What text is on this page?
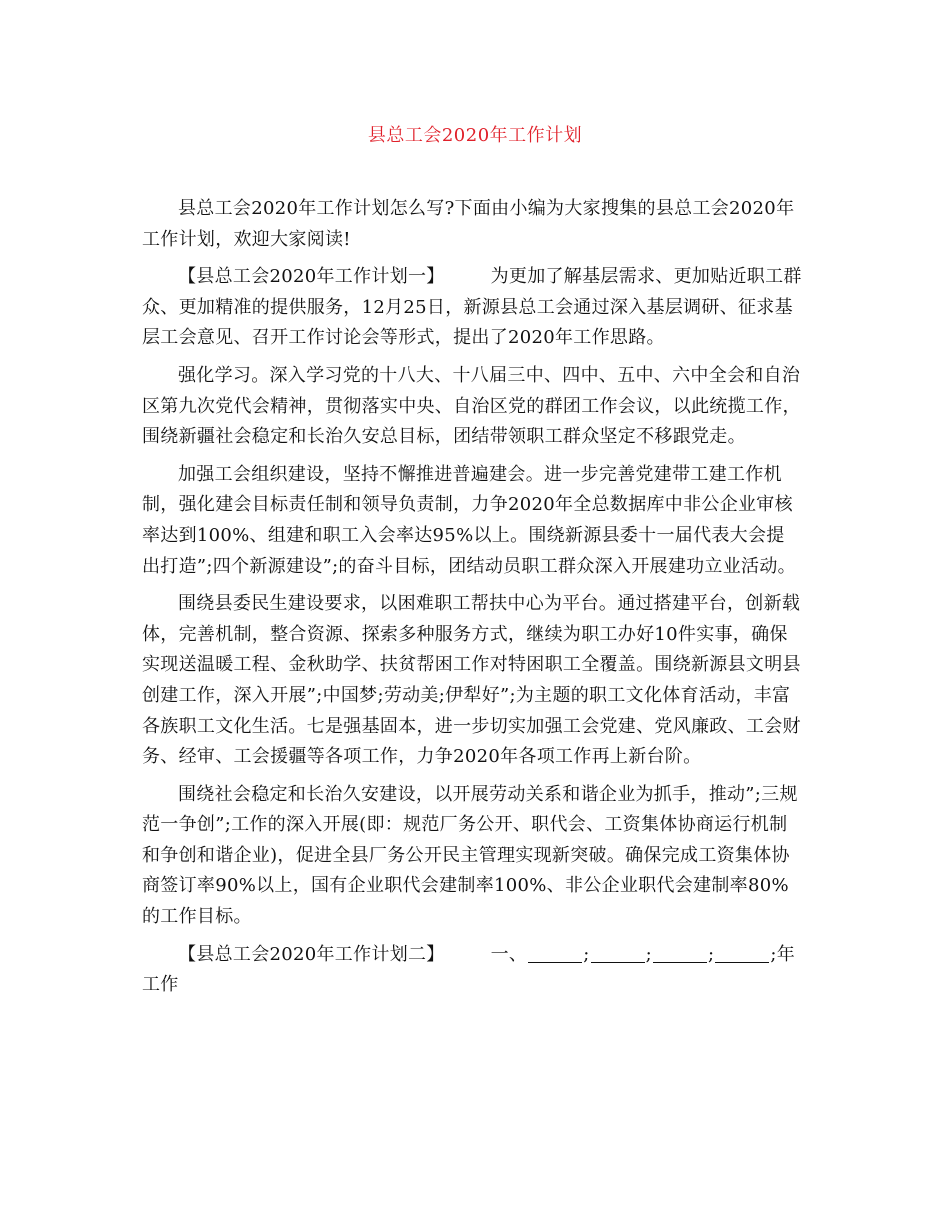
县总工会2020年工作计划

县总工会2020年工作计划怎么写?下面由小编为大家搜集的县总工会2020年工作计划，欢迎大家阅读!

【县总工会2020年工作计划一】	为更加了解基层需求、更加贴近职工群众、更加精准的提供服务，12月25日，新源县总工会通过深入基层调研、征求基层工会意见、召开工作讨论会等形式，提出了2020年工作思路。

强化学习。深入学习党的十八大、十八届三中、四中、五中、六中全会和自治区第九次党代会精神，贯彻落实中央、自治区党的群团工作会议，以此统揽工作，围绕新疆社会稳定和长治久安总目标，团结带领职工群众坚定不移跟党走。

加强工会组织建设，坚持不懈推进普遍建会。进一步完善党建带工建工作机制，强化建会目标责任制和领导负责制，力争2020年全总数据库中非公企业审核率达到100%、组建和职工入会率达95%以上。围绕新源县委十一届代表大会提出打造”;四个新源建设”;的奋斗目标，团结动员职工群众深入开展建功立业活动。

围绕县委民生建设要求，以困难职工帮扶中心为平台。通过搭建平台，创新载体，完善机制，整合资源、探索多种服务方式，继续为职工办好10件实事，确保实现送温暖工程、金秋助学、扶贫帮困工作对特困职工全覆盖。围绕新源县文明县创建工作，深入开展”;中国梦;劳动美;伊犁好”;为主题的职工文化体育活动，丰富各族职工文化生活。七是强基固本，进一步切实加强工会党建、党风廉政、工会财务、经审、工会援疆等各项工作，力争2020年各项工作再上新台阶。

围绕社会稳定和长治久安建设，以开展劳动关系和谐企业为抓手，推动”;三规范一争创”;工作的深入开展(即：规范厂务公开、职代会、工资集体协商运行机制和争创和谐企业)，促进全县厂务公开民主管理实现新突破。确保完成工资集体协商签订率90%以上，国有企业职代会建制率100%、非公企业职代会建制率80%的工作目标。

【县总工会2020年工作计划二】	一、	;	;	;	;年工作
